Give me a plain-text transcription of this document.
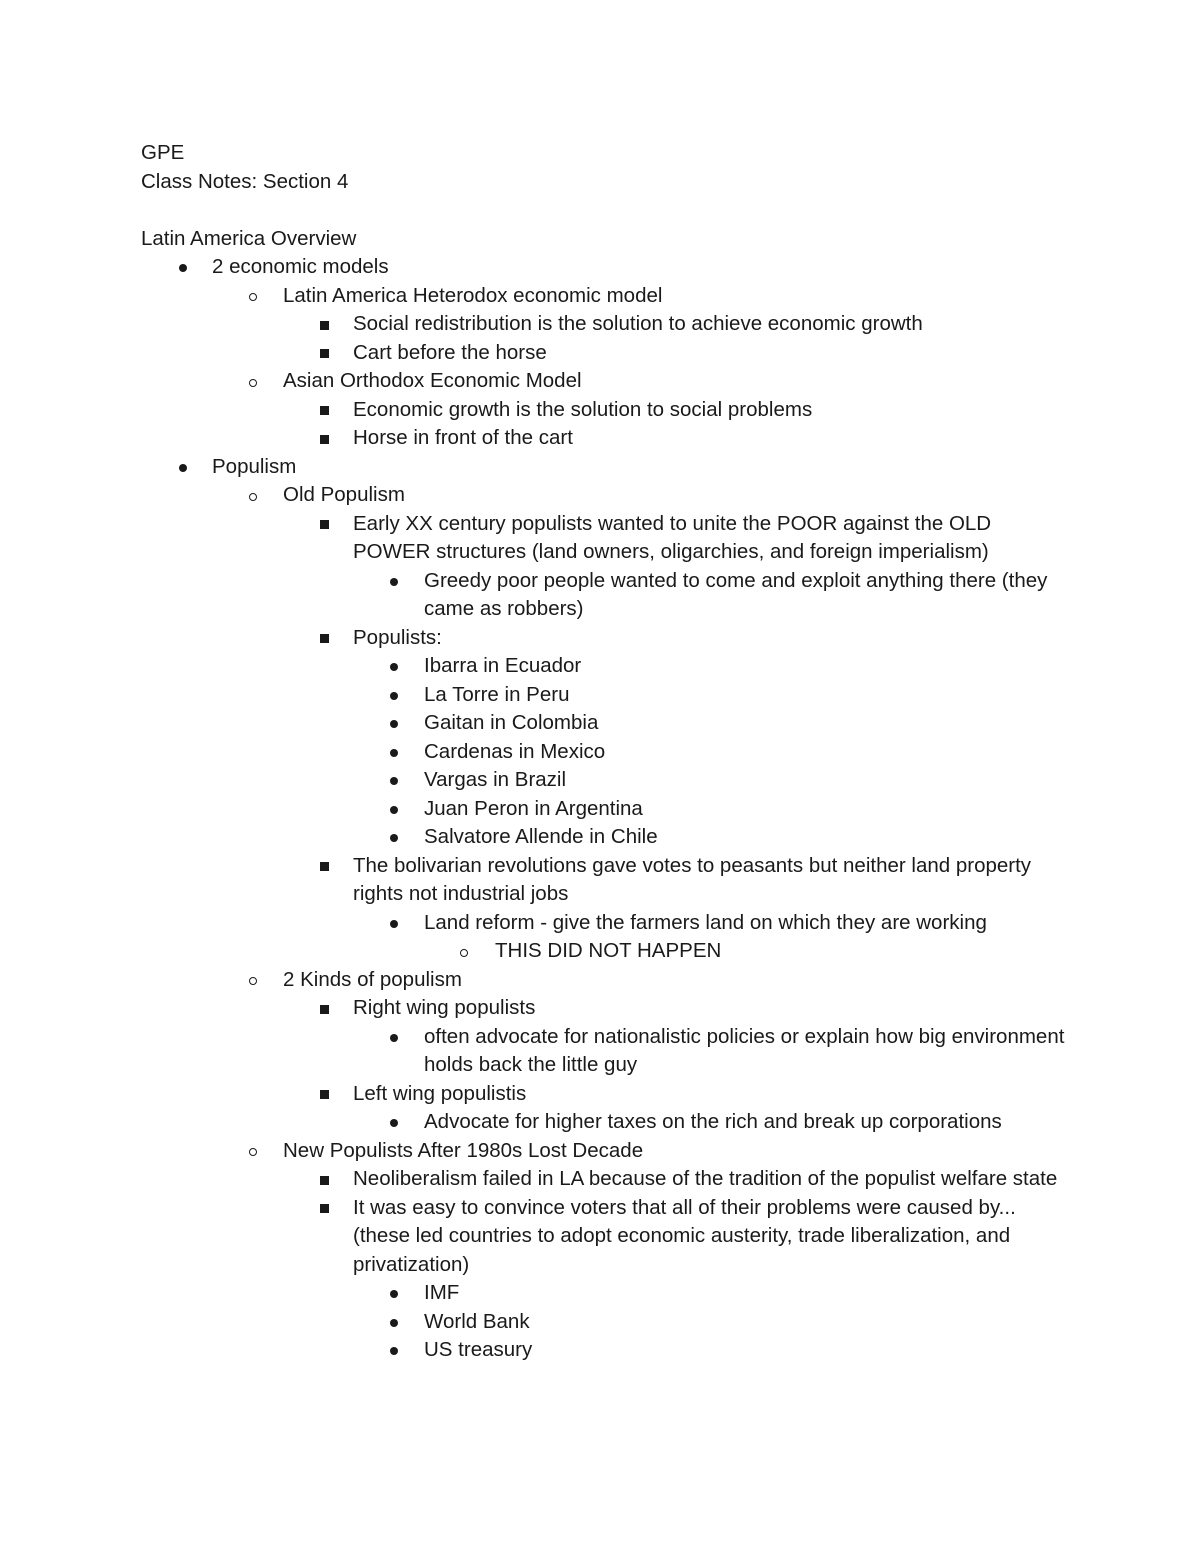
GPE

Class Notes: Section 4

Latin America Overview

2 economic models
Latin America Heterodox economic model
Social redistribution is the solution to achieve economic growth
Cart before the horse
Asian Orthodox Economic Model
Economic growth is the solution to social problems
Horse in front of the cart
Populism
Old Populism
Early XX century populists wanted to unite the POOR against the OLD POWER structures (land owners, oligarchies, and foreign imperialism)
Greedy poor people wanted to come and exploit anything there (they came as robbers)
Populists:
Ibarra in Ecuador
La Torre in Peru
Gaitan in Colombia
Cardenas in Mexico
Vargas in Brazil
Juan Peron in Argentina
Salvatore Allende in Chile
The bolivarian revolutions gave votes to peasants but neither land property rights not industrial jobs
Land reform - give the farmers land on which they are working
THIS DID NOT HAPPEN
2 Kinds of populism
Right wing populists
often advocate for nationalistic policies or explain how big environment holds back the little guy
Left wing populistis
Advocate for higher taxes on the rich and break up corporations
New Populists After 1980s Lost Decade
Neoliberalism failed in LA because of the tradition of the populist welfare state
It was easy to convince voters that all of their problems were caused by... (these led countries to adopt economic austerity, trade liberalization, and privatization)
IMF
World Bank
US treasury
